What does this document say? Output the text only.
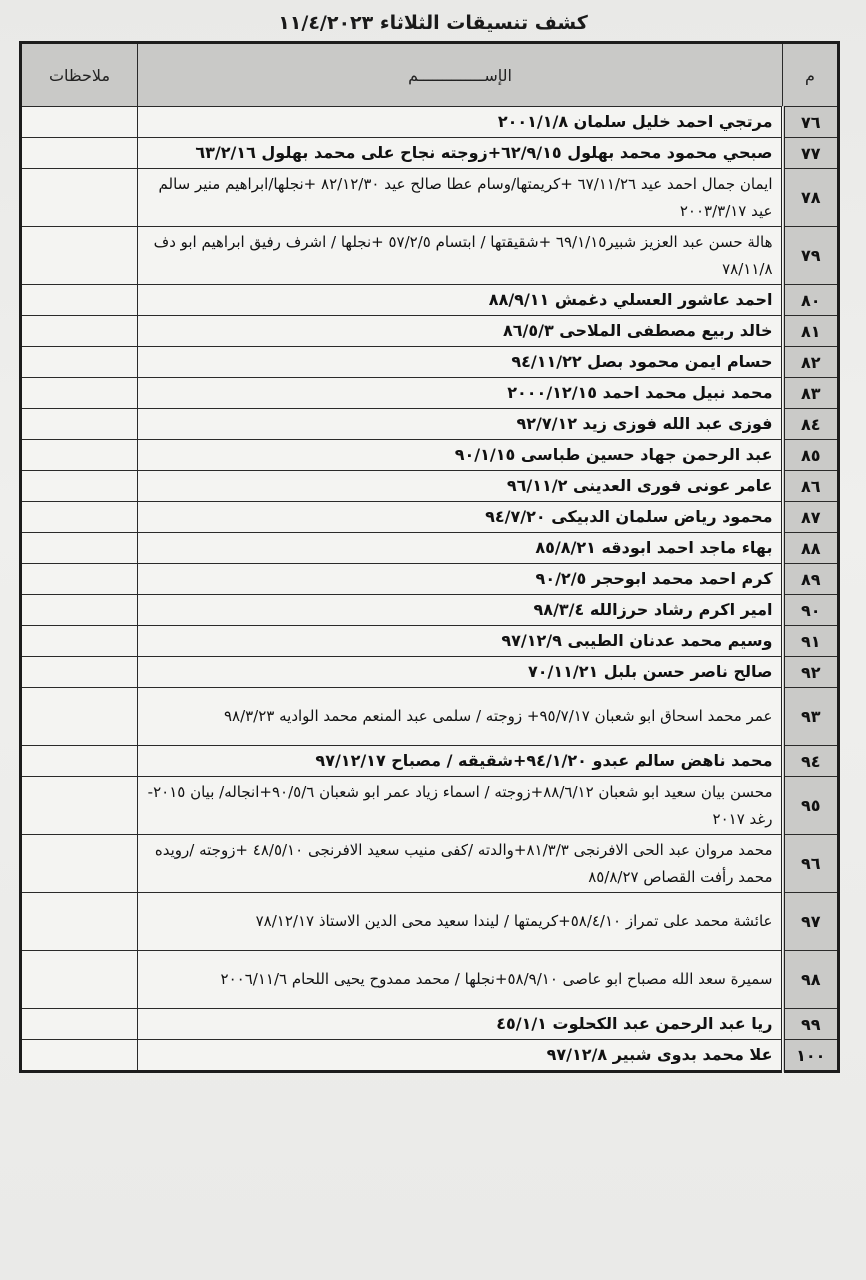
كشف تنسيقات الثلاثاء ١١/٤/٢٠٢٣
م	الإســــــــــــــم	ملاحظات
٧٦	مرتجي احمد خليل سلمان ٢٠٠١/١/٨	
٧٧	صبحي محمود محمد بهلول ٦٢/٩/١٥+زوجته نجاح على محمد بهلول ٦٣/٢/١٦	
٧٨	ايمان جمال احمد عيد ٦٧/١١/٢٦ +كريمتها/وسام عطا صالح عيد ٨٢/١٢/٣٠ +نجلها/ابراهيم منير سالم عيد ٢٠٠٣/٣/١٧	
٧٩	هالة حسن عبد العزيز شبير٦٩/١/١٥ +شقيقتها / ابتسام ٥٧/٢/٥ +نجلها / اشرف رفيق ابراهيم ابو دف ٧٨/١١/٨	
٨٠	احمد عاشور العسلي دغمش ٨٨/٩/١١	
٨١	خالد ربيع مصطفى الملاحى ٨٦/٥/٣	
٨٢	حسام ايمن محمود بصل ٩٤/١١/٢٢	
٨٣	محمد نبيل محمد احمد ٢٠٠٠/١٢/١٥	
٨٤	فوزى عبد الله فوزى زيد ٩٢/٧/١٢	
٨٥	عبد الرحمن جهاد حسين طباسى ٩٠/١/١٥	
٨٦	عامر عونى فورى العدينى ٩٦/١١/٢	
٨٧	محمود رياض سلمان الدبيكى ٩٤/٧/٢٠	
٨٨	بهاء ماجد احمد ابودقه ٨٥/٨/٢١	
٨٩	كرم احمد محمد ابوحجر ٩٠/٢/٥	
٩٠	امير اكرم رشاد حرزالله ٩٨/٣/٤	
٩١	وسيم محمد عدنان الطيبى ٩٧/١٢/٩	
٩٢	صالح ناصر حسن بلبل ٧٠/١١/٢١	
٩٣	عمر محمد اسحاق ابو شعبان ٩٥/٧/١٧+ زوجته / سلمى عبد المنعم محمد الواديه ٩٨/٣/٢٣	
٩٤	محمد ناهض سالم عبدو ٩٤/١/٢٠+شقيقه / مصباح ٩٧/١٢/١٧	
٩٥	محسن بيان سعيد ابو شعبان ٨٨/٦/١٢+زوجته / اسماء زياد عمر ابو شعبان ٩٠/٥/٦+انجاله/ بيان ٢٠١٥- رغد ٢٠١٧	
٩٦	محمد مروان عبد الحى الافرنجى ٨١/٣/٣+والدته /كفى منيب سعيد الافرنجى ٤٨/٥/١٠ +زوجته /رويده محمد رأفت القصاص ٨٥/٨/٢٧	
٩٧	عائشة محمد على تمراز ٥٨/٤/١٠+كريمتها / ليندا سعيد محى الدين الاستاذ ٧٨/١٢/١٧	
٩٨	سميرة سعد الله مصباح ابو عاصى ٥٨/٩/١٠+نجلها / محمد ممدوح يحيى اللحام ٢٠٠٦/١١/٦	
٩٩	ريا عبد الرحمن عبد الكحلوت ٤٥/١/١	
١٠٠	علا محمد بدوى شبير ٩٧/١٢/٨	
